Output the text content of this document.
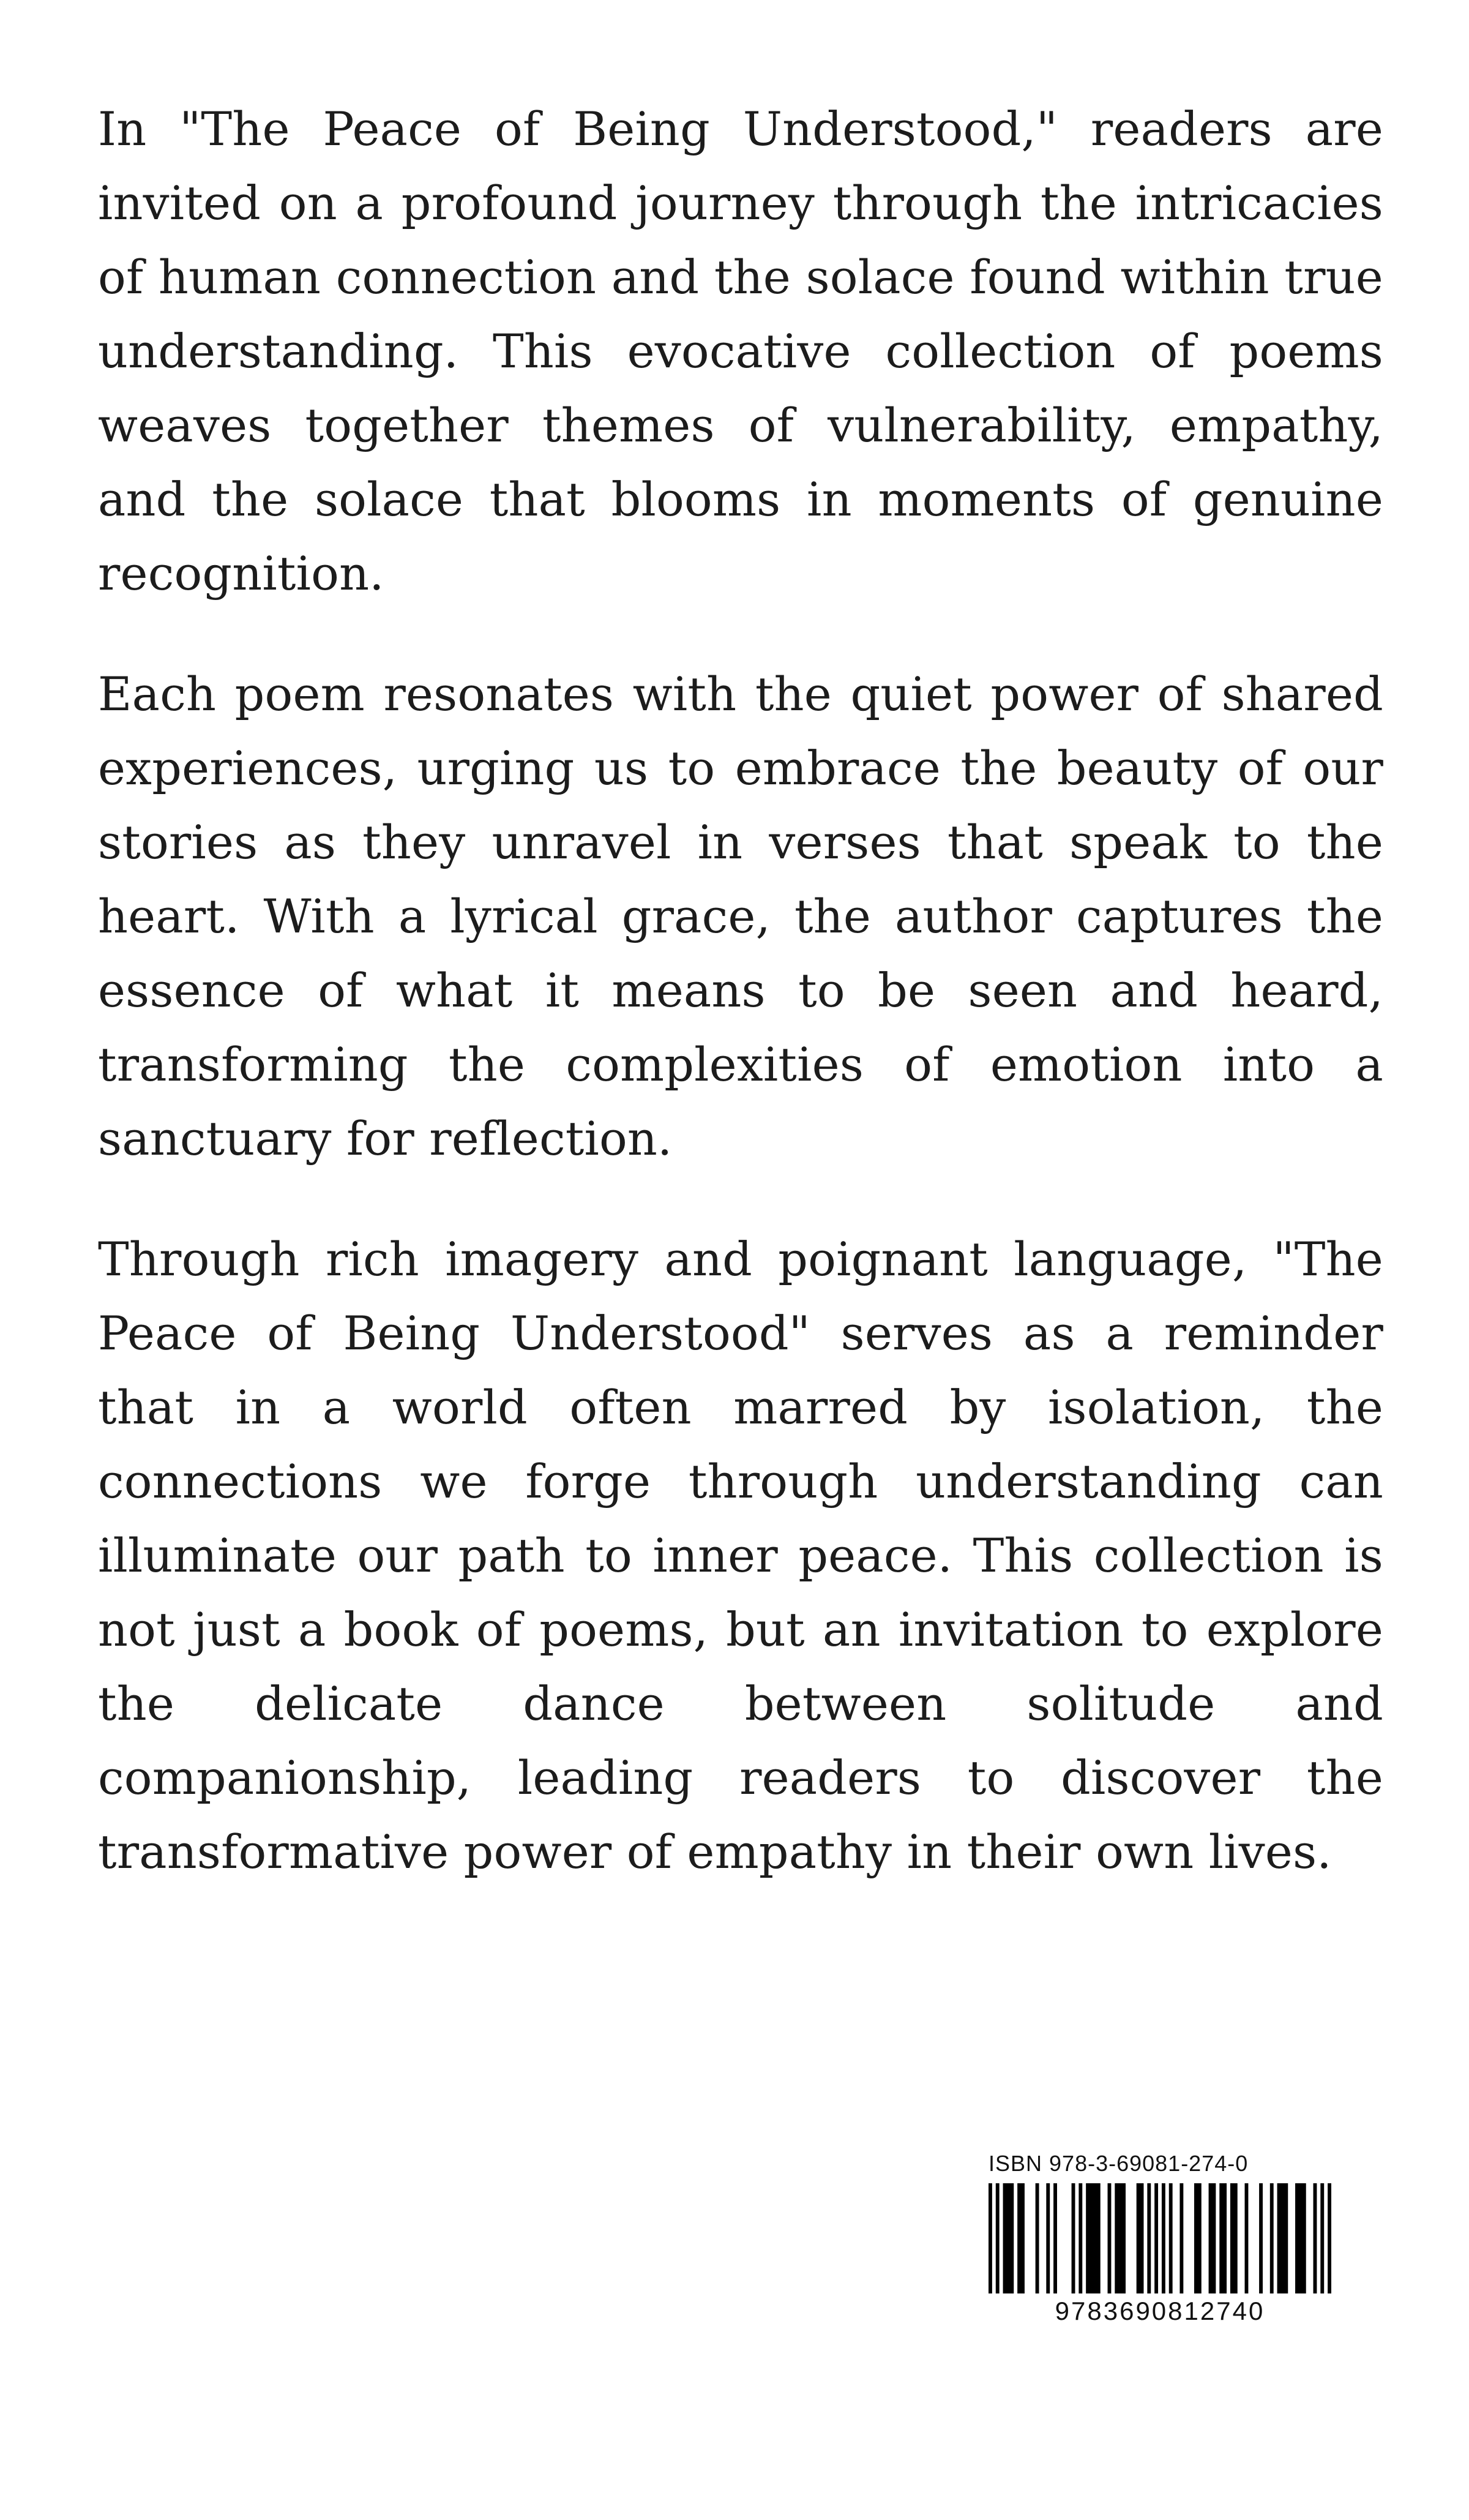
In "The Peace of Being Understood," readers are invited on a profound journey through the intricacies of human connection and the solace found within true understanding. This evocative collection of poems weaves together themes of vulnerability, empathy, and the solace that blooms in moments of genuine recognition.

Each poem resonates with the quiet power of shared experiences, urging us to embrace the beauty of our stories as they unravel in verses that speak to the heart. With a lyrical grace, the author captures the essence of what it means to be seen and heard, transforming the complexities of emotion into a sanctuary for reflection.

Through rich imagery and poignant language, "The Peace of Being Understood" serves as a reminder that in a world often marred by isolation, the connections we forge through understanding can illuminate our path to inner peace. This collection is not just a book of poems, but an invitation to explore the delicate dance between solitude and companionship, leading readers to discover the transformative power of empathy in their own lives.

ISBN 978-3-69081-274-0
9783690812740
